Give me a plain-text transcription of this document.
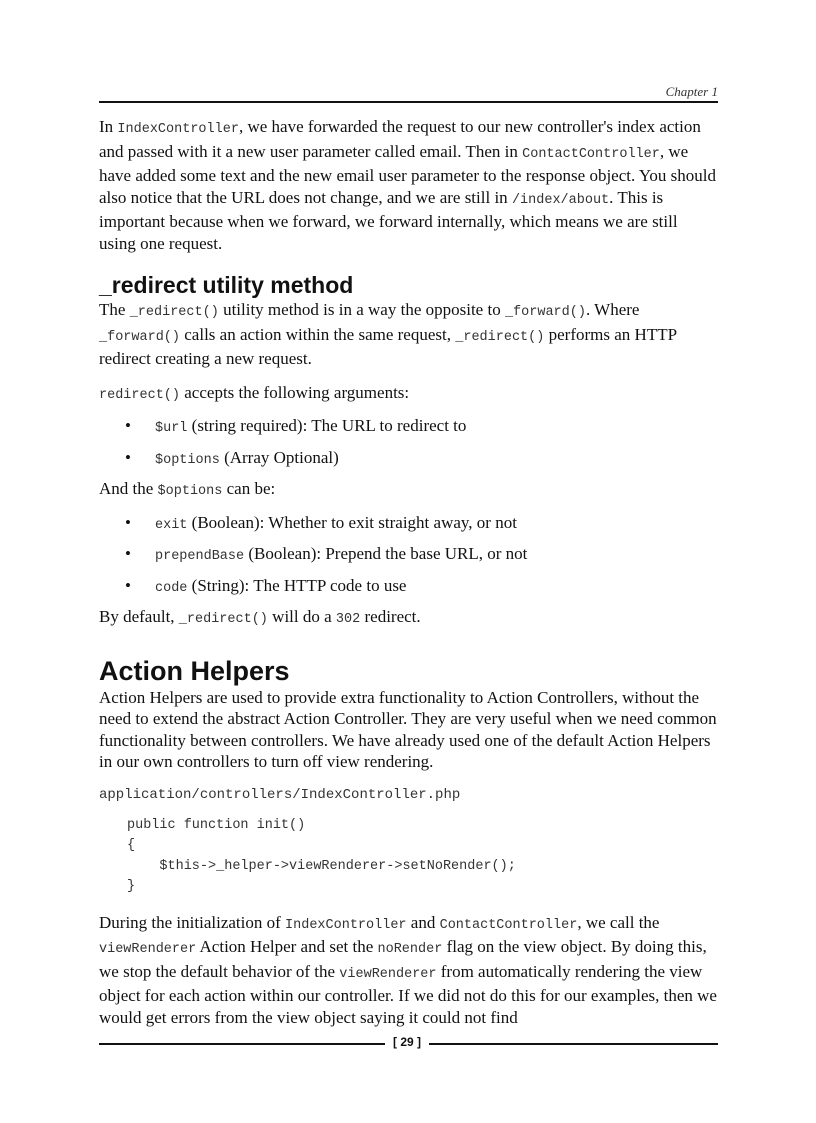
Chapter 1

In IndexController, we have forwarded the request to our new controller's index action and passed with it a new user parameter called email. Then in ContactController, we have added some text and the new email user parameter to the response object. You should also notice that the URL does not change, and we are still in /index/about. This is important because when we forward, we forward internally, which means we are still using one request.

_redirect utility method

The _redirect() utility method is in a way the opposite to _forward(). Where _forward() calls an action within the same request, _redirect() performs an HTTP redirect creating a new request.

redirect() accepts the following arguments:

• $url (string required): The URL to redirect to
• $options (Array Optional)

And the $options can be:

• exit (Boolean): Whether to exit straight away, or not
• prependBase (Boolean): Prepend the base URL, or not
• code (String): The HTTP code to use

By default, _redirect() will do a 302 redirect.

Action Helpers

Action Helpers are used to provide extra functionality to Action Controllers, without the need to extend the abstract Action Controller. They are very useful when we need common functionality between controllers. We have already used one of the default Action Helpers in our own controllers to turn off view rendering.

application/controllers/IndexController.php
public function init()
{
$this->_helper->viewRenderer->setNoRender();
}

During the initialization of IndexController and ContactController, we call the viewRenderer Action Helper and set the noRender flag on the view object. By doing this, we stop the default behavior of the viewRenderer from automatically rendering the view object for each action within our controller. If we did not do this for our examples, then we would get errors from the view object saying it could not find

[ 29 ]
